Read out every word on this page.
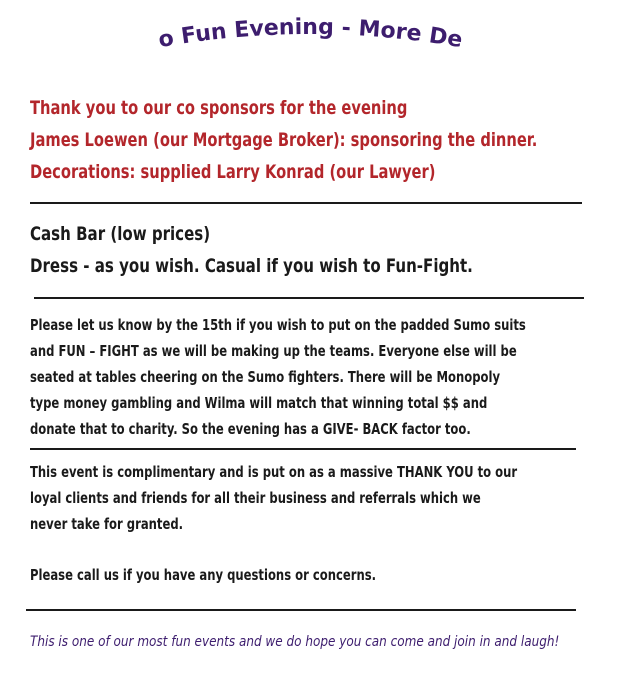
Sumo Fun Evening - More Details
Thank you to our co sponsors for the evening
James Loewen (our Mortgage Broker): sponsoring the dinner.
Decorations: supplied Larry Konrad (our Lawyer)
Cash Bar (low prices)
Dress - as you wish. Casual if you wish to Fun-Fight.
Please let us know by the 15th if you wish to put on the padded Sumo suits
and FUN – FIGHT as we will be making up the teams. Everyone else will be
seated at tables cheering on the Sumo fighters. There will be Monopoly
type money gambling and Wilma will match that winning total $$ and
donate that to charity. So the evening has a GIVE- BACK factor too.
This event is complimentary and is put on as a massive THANK YOU to our
loyal clients and friends for all their business and referrals which we
never take for granted.
Please call us if you have any questions or concerns.
This is one of our most fun events and we do hope you can come and join in and laugh!
